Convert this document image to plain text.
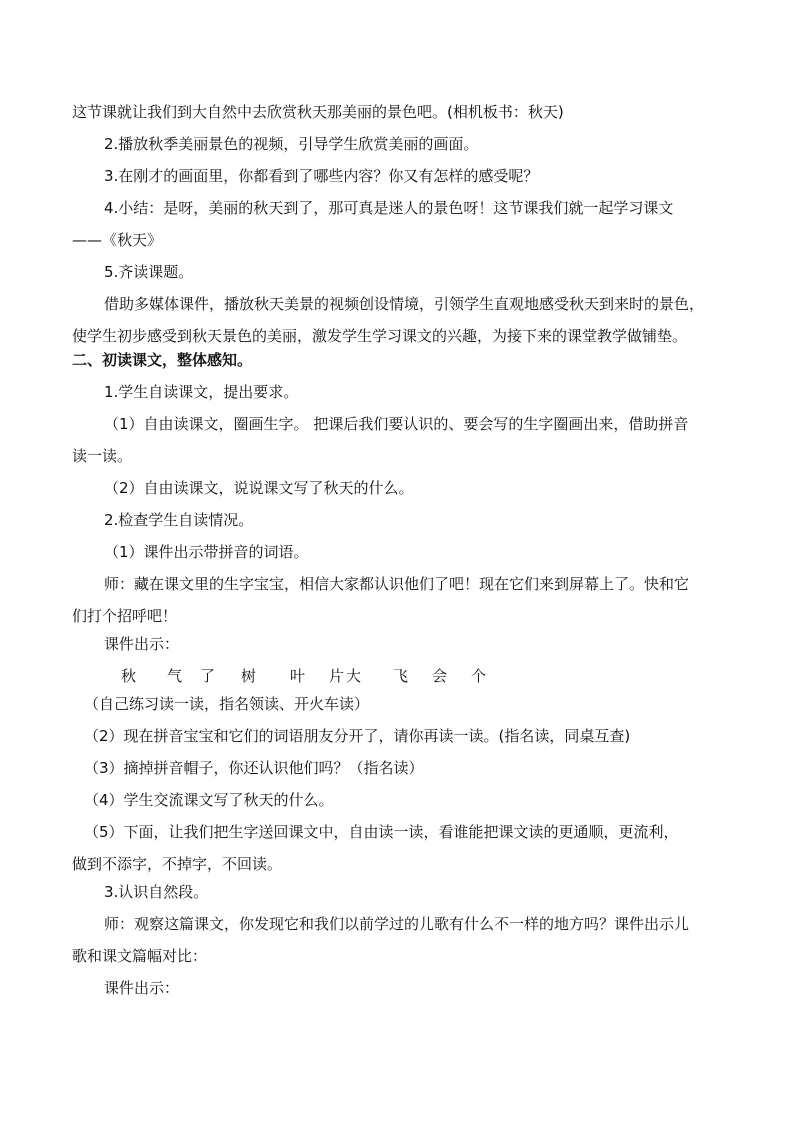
这节课就让我们到大自然中去欣赏秋天那美丽的景色吧。(相机板书：秋天)
2.播放秋季美丽景色的视频，引导学生欣赏美丽的画面。
3.在刚才的画面里，你都看到了哪些内容？你又有怎样的感受呢？
4.小结：是呀，美丽的秋天到了，那可真是迷人的景色呀！这节课我们就一起学习课文
——《秋天》
5.齐读课题。
借助多媒体课件，播放秋天美景的视频创设情境，引领学生直观地感受秋天到来时的景色，
使学生初步感受到秋天景色的美丽，激发学生学习课文的兴趣，为接下来的课堂教学做铺垫。
二、初读课文，整体感知。
1.学生自读课文，提出要求。
（1）自由读课文，圈画生字。 把课后我们要认识的、要会写的生字圈画出来，借助拼音
读一读。
（2）自由读课文，说说课文写了秋天的什么。
2.检查学生自读情况。
（1）课件出示带拼音的词语。
师：藏在课文里的生字宝宝，相信大家都认识他们了吧！现在它们来到屏幕上了。快和它
们打个招呼吧！
课件出示：
秋 气 了 树 叶 片 大 飞 会 个
（自己练习读一读，指名领读、开火车读）
（2）现在拼音宝宝和它们的词语朋友分开了，请你再读一读。(指名读，同桌互查)
（3）摘掉拼音帽子，你还认识他们吗？（指名读）
（4）学生交流课文写了秋天的什么。
（5）下面，让我们把生字送回课文中，自由读一读，看谁能把课文读的更通顺，更流利，
做到不添字，不掉字，不回读。
3.认识自然段。
师：观察这篇课文，你发现它和我们以前学过的儿歌有什么不一样的地方吗？课件出示儿
歌和课文篇幅对比：
课件出示：
